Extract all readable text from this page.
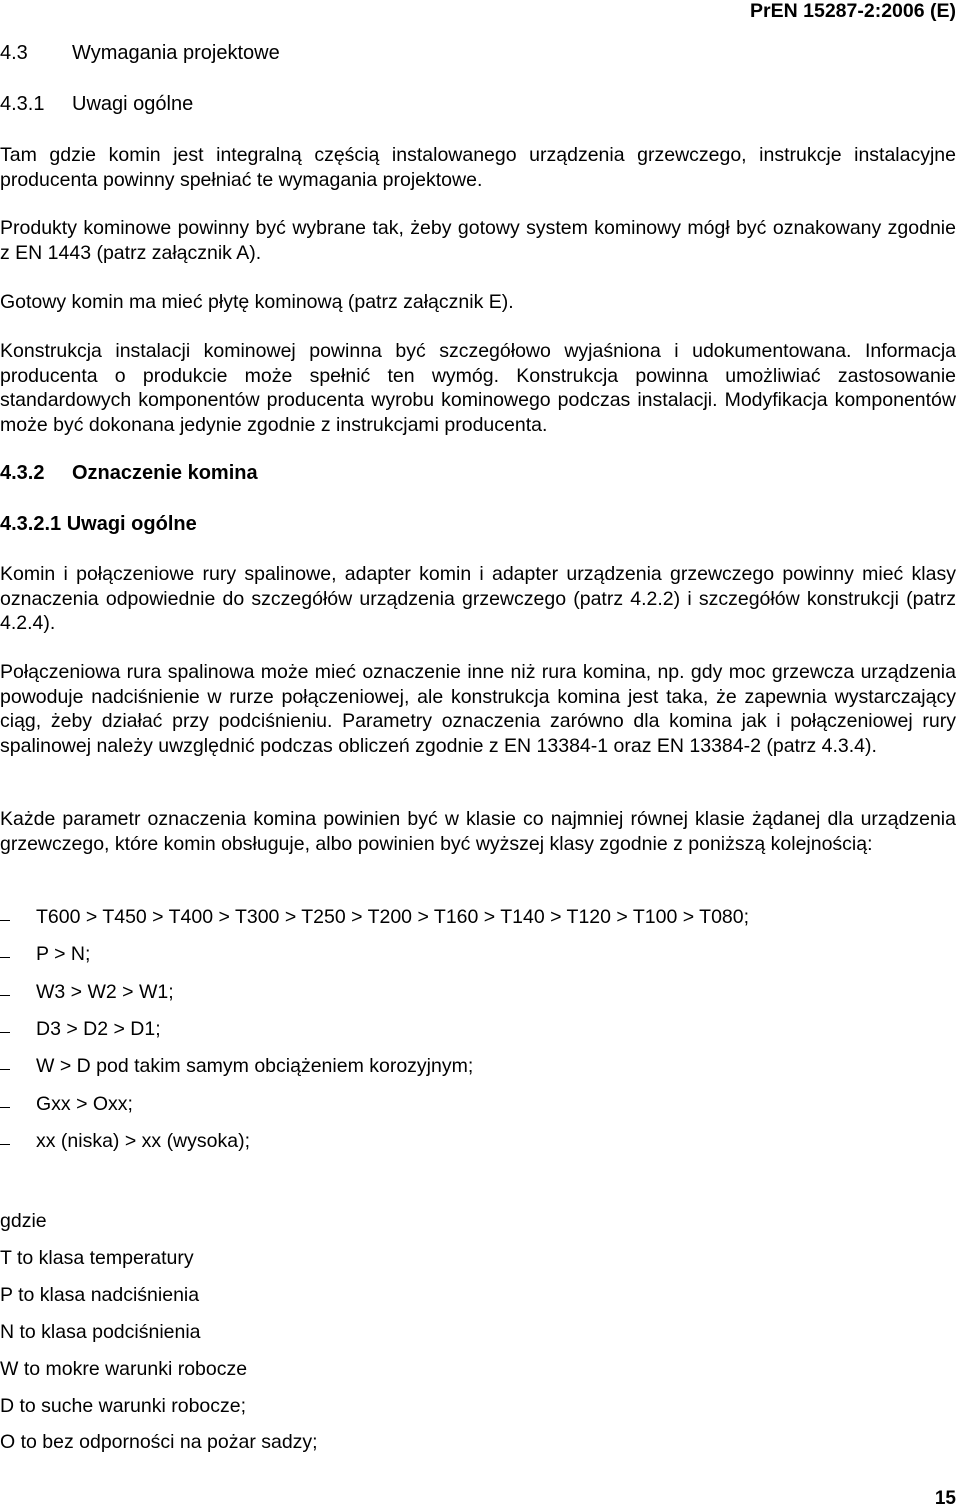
PrEN 15287-2:2006 (E)
4.3 Wymagania projektowe
4.3.1 Uwagi ogólne
Tam gdzie komin jest integralną częścią instalowanego urządzenia grzewczego, instrukcje instalacyjne producenta powinny spełniać te wymagania projektowe.
Produkty kominowe powinny być wybrane tak, żeby gotowy system kominowy mógł być oznakowany zgodnie z EN 1443 (patrz załącznik A).
Gotowy komin ma mieć płytę kominową (patrz załącznik E).
Konstrukcja instalacji kominowej powinna być szczegółowo wyjaśniona i udokumentowana. Informacja producenta o produkcie może spełnić ten wymóg. Konstrukcja powinna umożliwiać zastosowanie standardowych komponentów producenta wyrobu kominowego podczas instalacji. Modyfikacja komponentów może być dokonana jedynie zgodnie z instrukcjami producenta.
4.3.2 Oznaczenie komina
4.3.2.1 Uwagi ogólne
Komin i połączeniowe rury spalinowe, adapter komin i adapter urządzenia grzewczego powinny mieć klasy oznaczenia odpowiednie do szczegółów urządzenia grzewczego (patrz 4.2.2) i szczegółów konstrukcji (patrz 4.2.4).
Połączeniowa rura spalinowa może mieć oznaczenie inne niż rura komina, np. gdy moc grzewcza urządzenia powoduje nadciśnienie w rurze połączeniowej, ale konstrukcja komina jest taka, że zapewnia wystarczający ciąg, żeby działać przy podciśnieniu. Parametry oznaczenia zarówno dla komina jak i połączeniowej rury spalinowej należy uwzględnić podczas obliczeń zgodnie z EN 13384-1 oraz EN 13384-2 (patrz 4.3.4).
Każde parametr oznaczenia komina powinien być w klasie co najmniej równej klasie żądanej dla urządzenia grzewczego, które komin obsługuje, albo powinien być wyższej klasy zgodnie z poniższą kolejnością:
T600 > T450 > T400 > T300 > T250 > T200 > T160 > T140 > T120 > T100 > T080;
P > N;
W3 > W2 > W1;
D3 > D2 > D1;
W > D pod takim samym obciążeniem korozyjnym;
Gxx > Oxx;
xx (niska) > xx (wysoka);
gdzie
T to klasa temperatury
P to klasa nadciśnienia
N to klasa podciśnienia
W to mokre warunki robocze
D to suche warunki robocze;
O to bez odporności na pożar sadzy;
15
